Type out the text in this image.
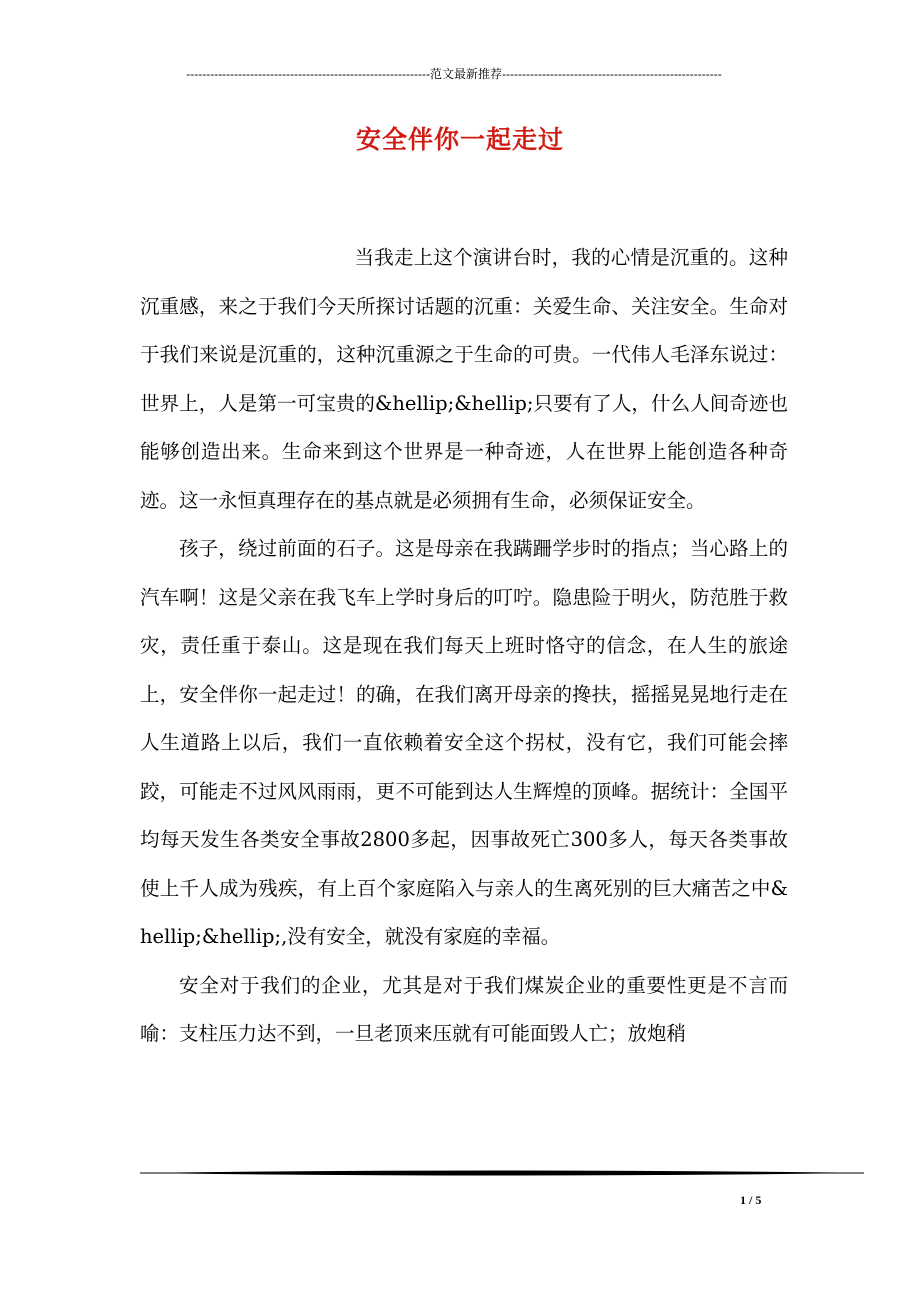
-------------------------------------------------------------范文最新推荐-------------------------------------------------------
安全伴你一起走过

当我走上这个演讲台时，我的心情是沉重的。这种沉重感，来之于我们今天所探讨话题的沉重：关爱生命、关注安全。生命对于我们来说是沉重的，这种沉重源之于生命的可贵。一代伟人毛泽东说过：世界上，人是第一可宝贵的&hellip;&hellip;只要有了人，什么人间奇迹也能够创造出来。生命来到这个世界是一种奇迹，人在世界上能创造各种奇迹。这一永恒真理存在的基点就是必须拥有生命，必须保证安全。

孩子，绕过前面的石子。这是母亲在我蹒跚学步时的指点；当心路上的汽车啊！这是父亲在我飞车上学时身后的叮咛。隐患险于明火，防范胜于救灾，责任重于泰山。这是现在我们每天上班时恪守的信念，在人生的旅途上，安全伴你一起走过！的确，在我们离开母亲的搀扶，摇摇晃晃地行走在人生道路上以后，我们一直依赖着安全这个拐杖，没有它，我们可能会摔跤，可能走不过风风雨雨，更不可能到达人生辉煌的顶峰。据统计：全国平均每天发生各类安全事故2800多起，因事故死亡300多人，每天各类事故使上千人成为残疾，有上百个家庭陷入与亲人的生离死别的巨大痛苦之中&hellip;&hellip;,没有安全，就没有家庭的幸福。

安全对于我们的企业，尤其是对于我们煤炭企业的重要性更是不言而喻：支柱压力达不到，一旦老顶来压就有可能面毁人亡；放炮稍

1 / 5
